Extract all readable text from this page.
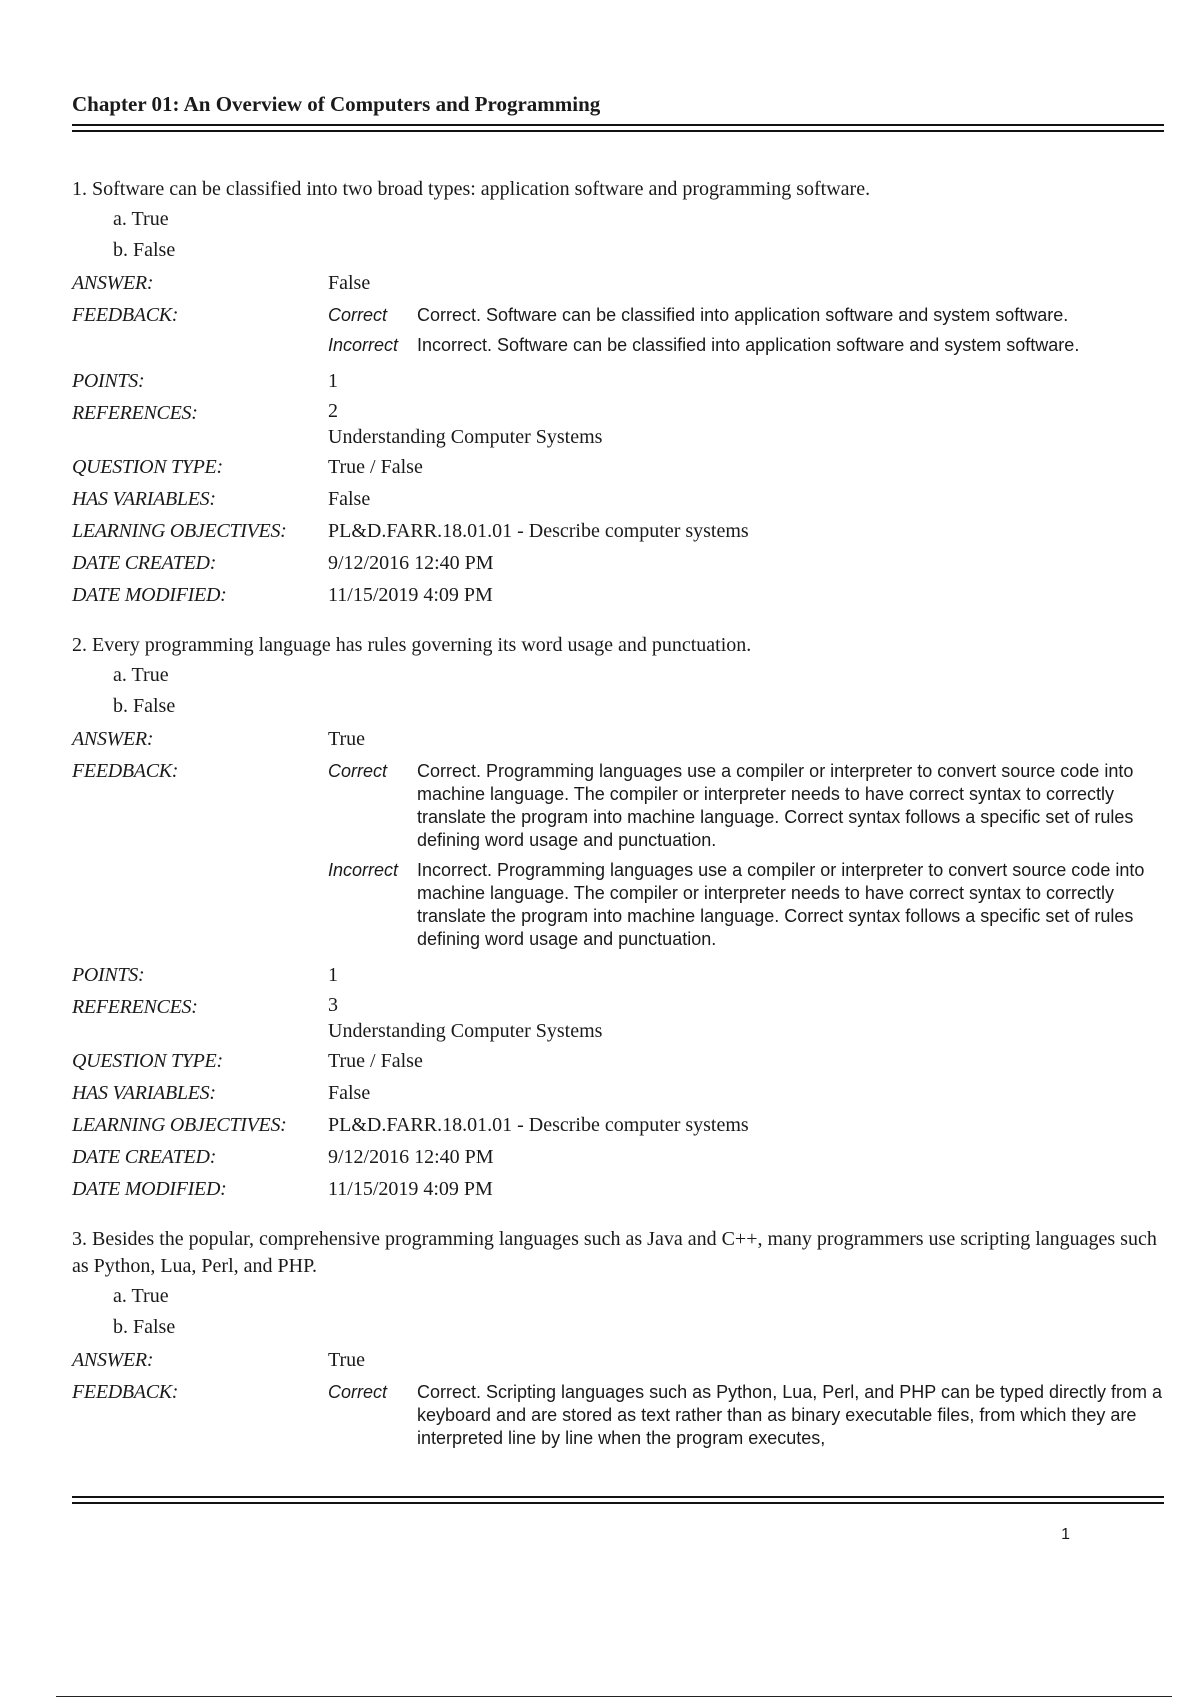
Chapter 01: An Overview of Computers and Programming
1. Software can be classified into two broad types: application software and programming software.
a. True
b. False
ANSWER:	False
FEEDBACK:	Correct	Correct. Software can be classified into application software and system software.
Incorrect	Incorrect. Software can be classified into application software and system software.
POINTS:	1
REFERENCES:	2
Understanding Computer Systems
QUESTION TYPE:	True / False
HAS VARIABLES:	False
LEARNING OBJECTIVES:	PL&D.FARR.18.01.01 - Describe computer systems
DATE CREATED:	9/12/2016 12:40 PM
DATE MODIFIED:	11/15/2019 4:09 PM
2. Every programming language has rules governing its word usage and punctuation.
a. True
b. False
ANSWER:	True
FEEDBACK:	Correct	Correct. Programming languages use a compiler or interpreter to convert source code into machine language. The compiler or interpreter needs to have correct syntax to correctly translate the program into machine language. Correct syntax follows a specific set of rules defining word usage and punctuation.
Incorrect	Incorrect. Programming languages use a compiler or interpreter to convert source code into machine language. The compiler or interpreter needs to have correct syntax to correctly translate the program into machine language. Correct syntax follows a specific set of rules defining word usage and punctuation.
POINTS:	1
REFERENCES:	3
Understanding Computer Systems
QUESTION TYPE:	True / False
HAS VARIABLES:	False
LEARNING OBJECTIVES:	PL&D.FARR.18.01.01 - Describe computer systems
DATE CREATED:	9/12/2016 12:40 PM
DATE MODIFIED:	11/15/2019 4:09 PM
3. Besides the popular, comprehensive programming languages such as Java and C++, many programmers use scripting languages such as Python, Lua, Perl, and PHP.
a. True
b. False
ANSWER:	True
FEEDBACK:	Correct	Correct. Scripting languages such as Python, Lua, Perl, and PHP can be typed directly from a keyboard and are stored as text rather than as binary executable files, from which they are interpreted line by line when the program executes,
1
